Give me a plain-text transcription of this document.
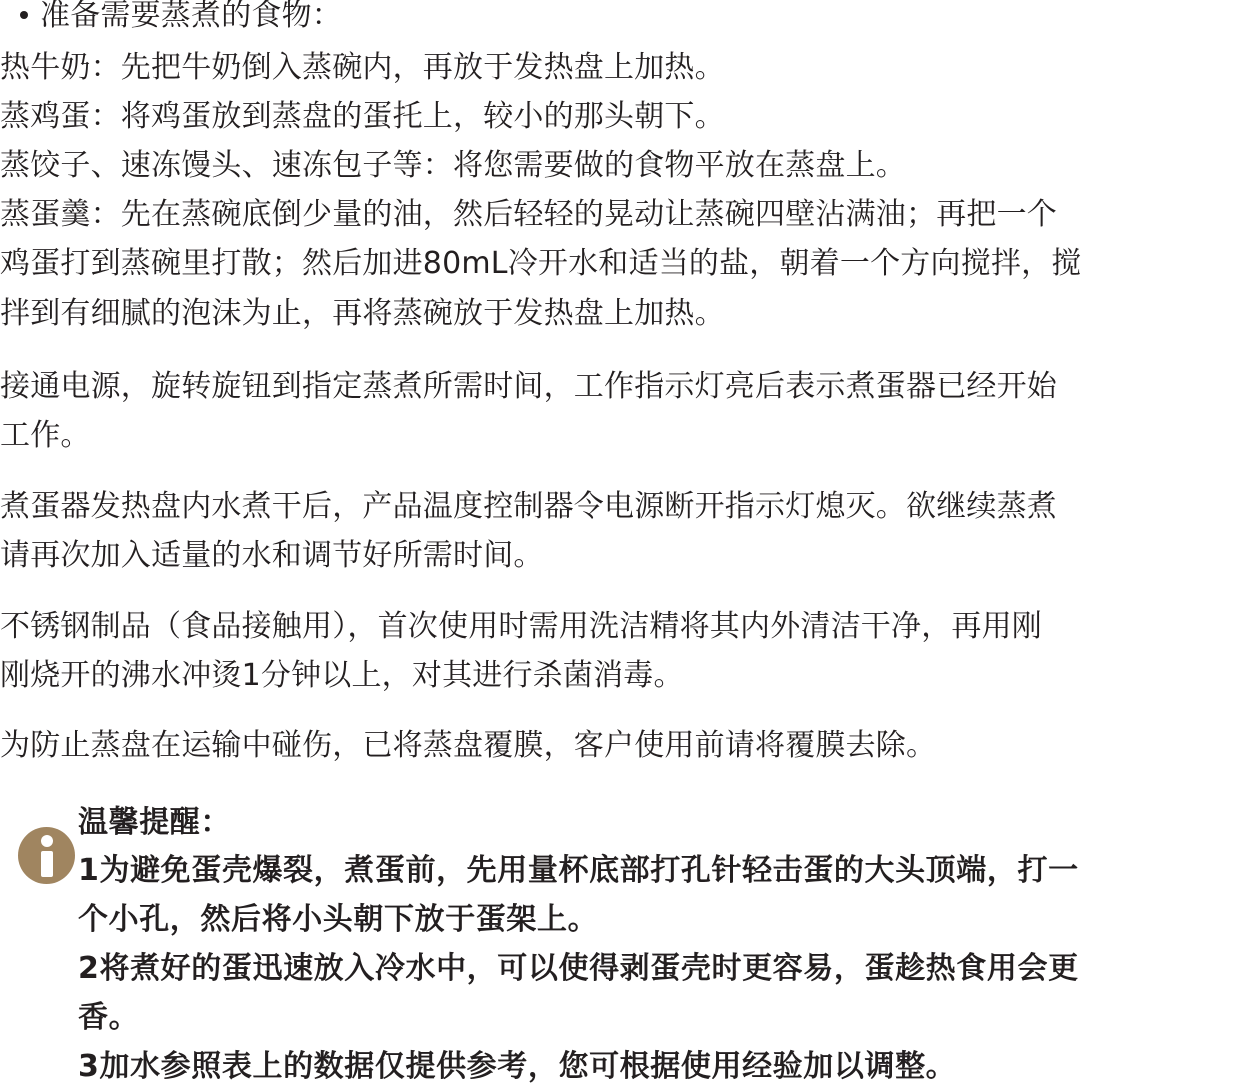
准备需要蒸煮的食物：
热牛奶：先把牛奶倒入蒸碗内，再放于发热盘上加热。
蒸鸡蛋：将鸡蛋放到蒸盘的蛋托上，较小的那头朝下。
蒸饺子、速冻馒头、速冻包子等：将您需要做的食物平放在蒸盘上。
蒸蛋羹：先在蒸碗底倒少量的油，然后轻轻的晃动让蒸碗四壁沾满油；再把一个
鸡蛋打到蒸碗里打散；然后加进80mL冷开水和适当的盐，朝着一个方向搅拌，搅
拌到有细腻的泡沫为止，再将蒸碗放于发热盘上加热。
接通电源，旋转旋钮到指定蒸煮所需时间，工作指示灯亮后表示煮蛋器已经开始
工作。
煮蛋器发热盘内水煮干后，产品温度控制器令电源断开指示灯熄灭。欲继续蒸煮
请再次加入适量的水和调节好所需时间。
不锈钢制品（食品接触用），首次使用时需用洗洁精将其内外清洁干净，再用刚
刚烧开的沸水冲烫1分钟以上，对其进行杀菌消毒。
为防止蒸盘在运输中碰伤，已将蒸盘覆膜，客户使用前请将覆膜去除。
温馨提醒：
1为避免蛋壳爆裂，煮蛋前，先用量杯底部打孔针轻击蛋的大头顶端，打一
个小孔，然后将小头朝下放于蛋架上。
2将煮好的蛋迅速放入冷水中，可以使得剥蛋壳时更容易，蛋趁热食用会更
香。
3加水参照表上的数据仅提供参考，您可根据使用经验加以调整。
